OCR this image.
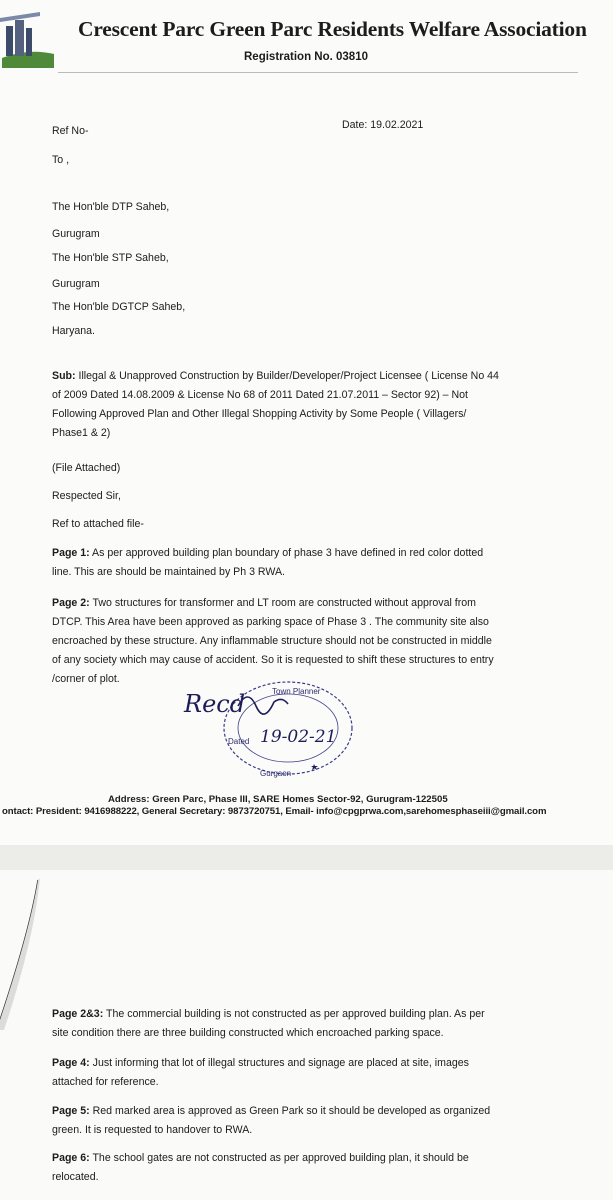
Crescent Parc Green Parc Residents Welfare Association
Registration No. 03810
Ref No-	Date: 19.02.2021
To ,
The Hon'ble DTP Saheb,
Gurugram
The Hon'ble STP Saheb,
Gurugram
The Hon'ble DGTCP Saheb,
Haryana.
Sub: Illegal & Unapproved Construction by Builder/Developer/Project Licensee ( License No 44
of 2009 Dated 14.08.2009 & License No 68 of 2011 Dated 21.07.2011 – Sector 92) – Not
Following Approved Plan and Other Illegal Shopping Activity by Some People ( Villagers/
Phase1 & 2)
(File Attached)
Respected Sir,
Ref to attached file-
Page 1: As per approved building plan boundary of phase 3 have defined in red color dotted
line. This are should be maintained by Ph 3 RWA.
Page 2: Two structures for transformer and LT room are constructed without approval from
DTCP. This Area have been approved as parking space of Phase 3 . The community site also
encroached by these structure. Any inflammable structure should not be constructed in middle
of any society which may cause of accident. So it is requested to shift these structures to entry
/corner of plot.
Town Planner
Gurgaon
Dated
Recd
19-02-21
Address: Green Parc, Phase III, SARE Homes Sector-92, Gurugram-122505
ontact: President: 9416988222, General Secretary: 9873720751, Email- info@cpgprwa.com,sarehomesphaseiii@gmail.com
Page 2&3: The commercial building is not constructed as per approved building plan. As per
site condition there are three building constructed which encroached parking space.
Page 4: Just informing that lot of illegal structures and signage are placed at site, images
attached for reference.
Page 5: Red marked area is approved as Green Park so it should be developed as organized
green. It is requested to handover to RWA.
Page 6: The school gates are not constructed as per approved building plan, it should be
relocated.
